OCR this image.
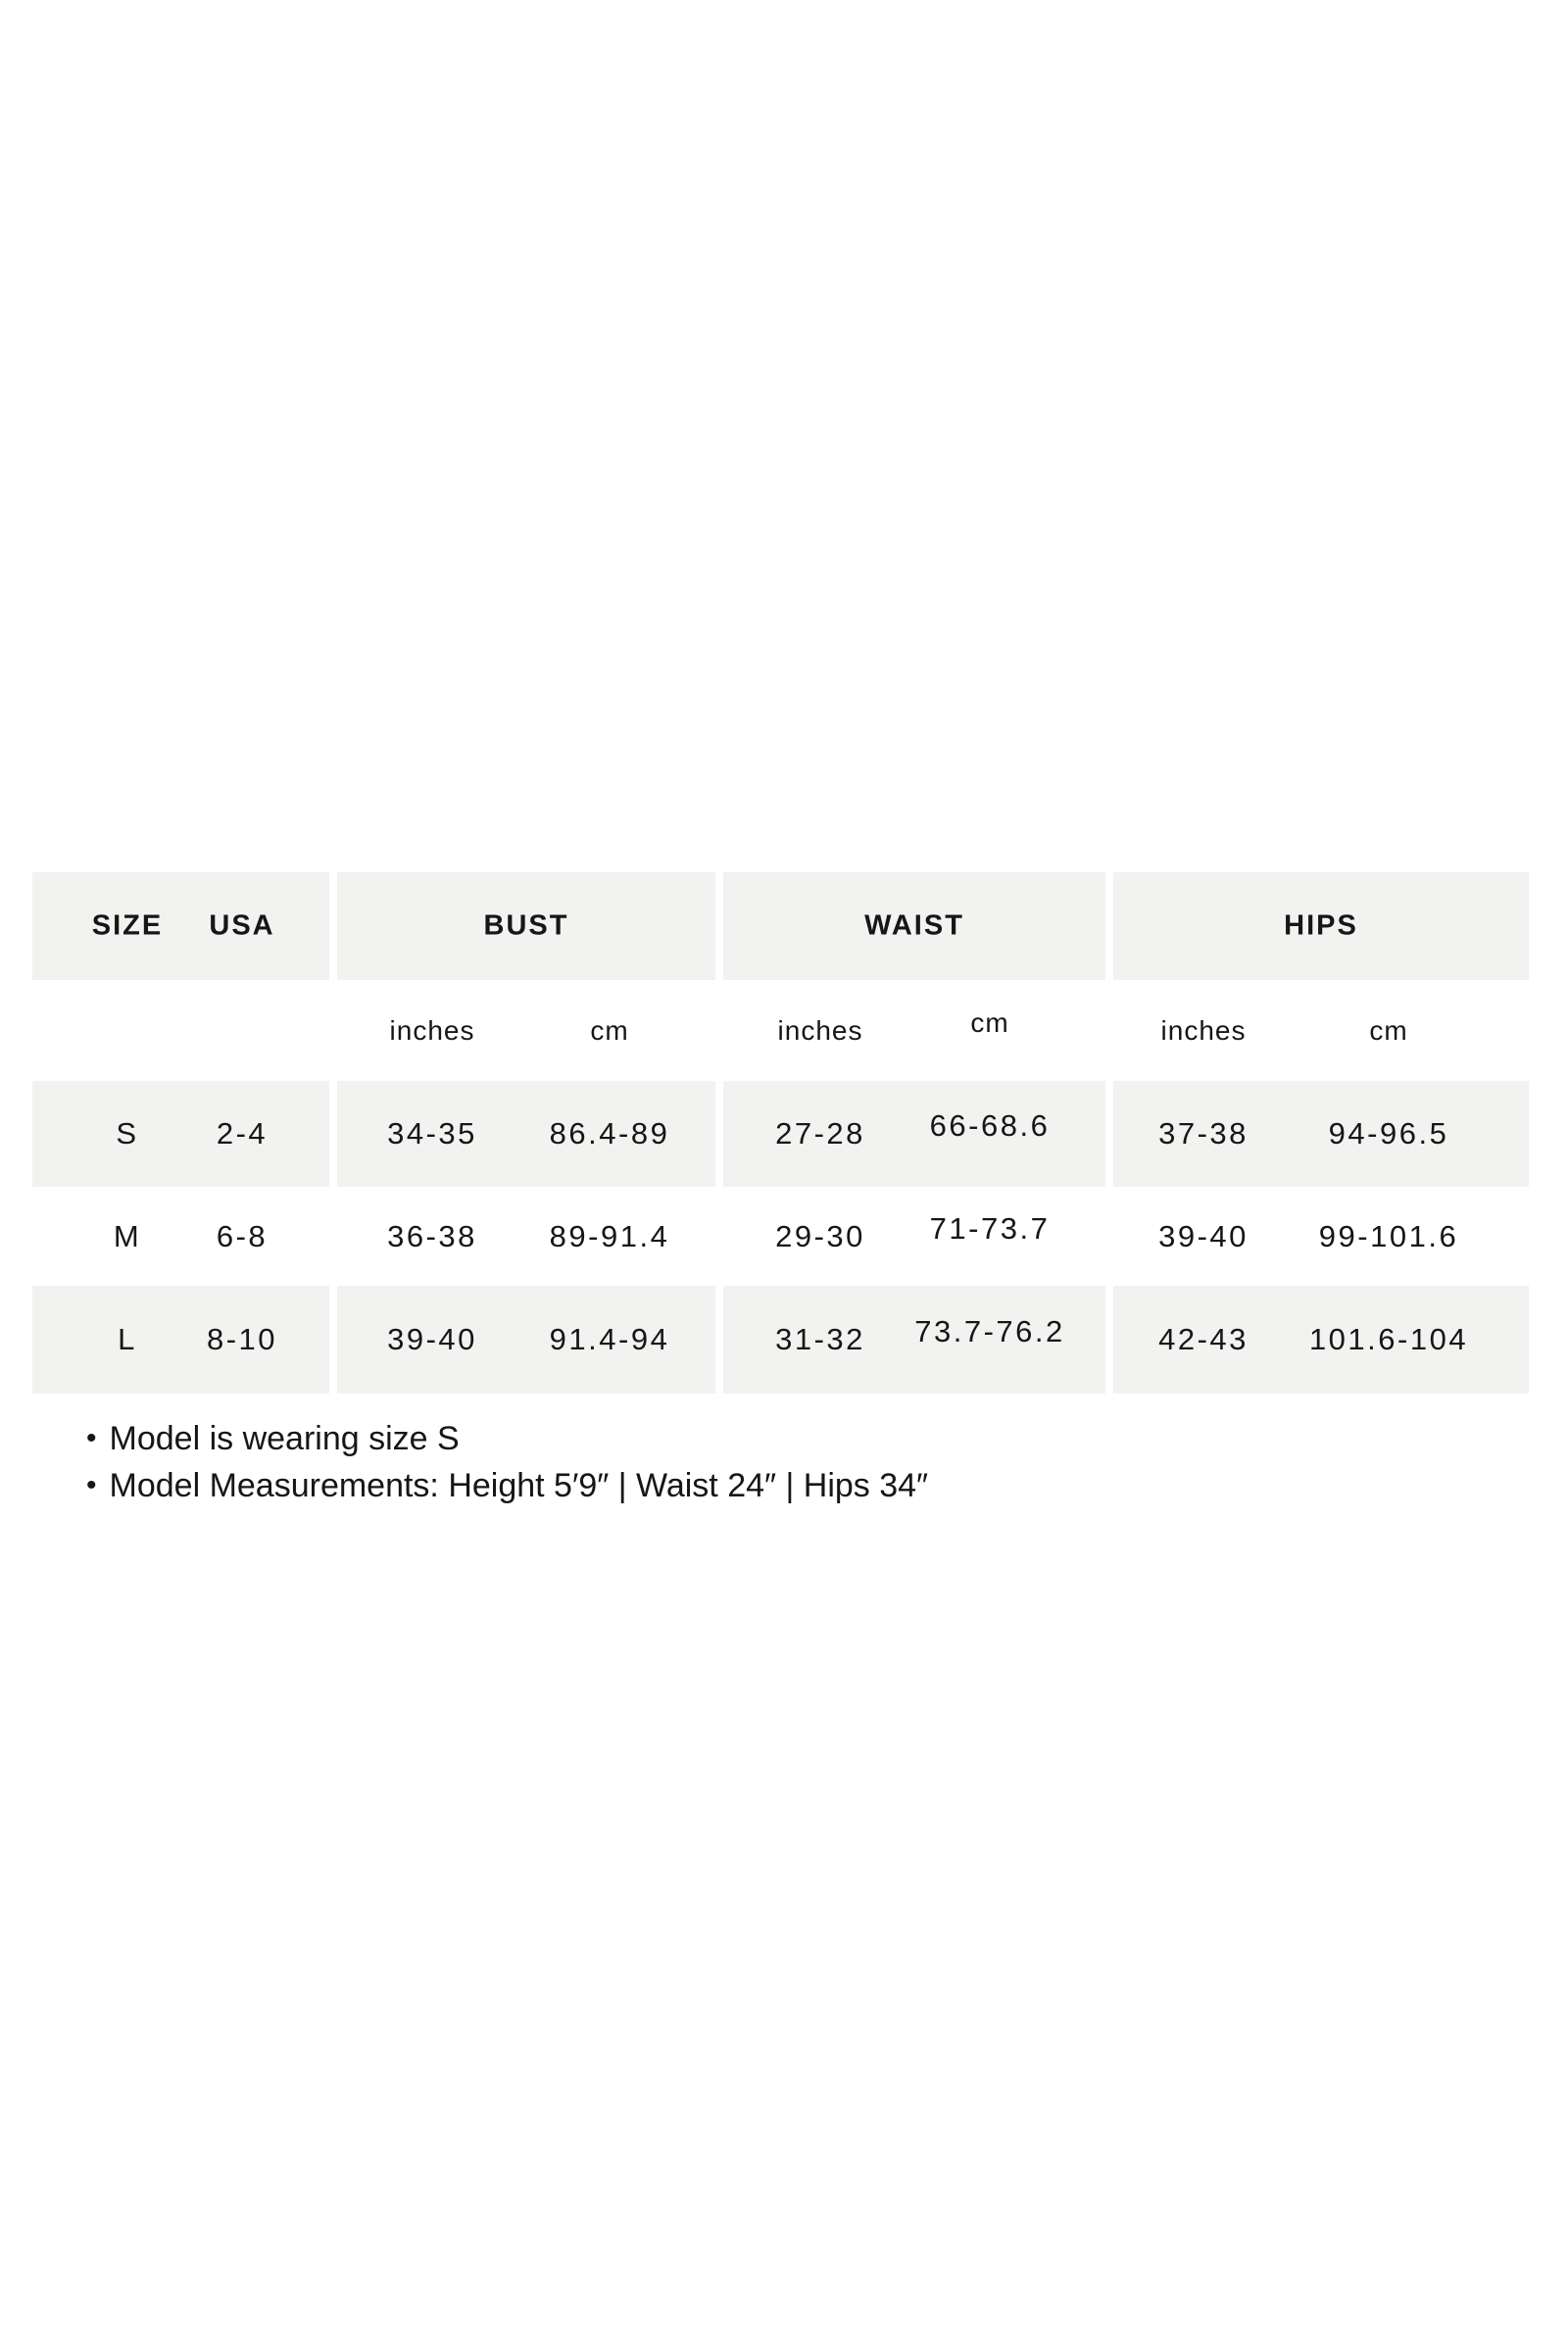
SIZE USA	BUST	WAIST	HIPS
inches	cm	inches	cm	inches	cm
S	2-4	34-35 86.4-89	27-28 66-68.6	37-38	94-96.5
M 6-8	36-38 89-91.4	29-30 71-73.7	39-40 99-101.6
L 8-10	39-40 91.4-94	31-32 73.7-76.2	42-43 101.6-104
• Model is wearing size S
• Model Measurements: Height 5′9″ | Waist 24″ | Hips 34″
